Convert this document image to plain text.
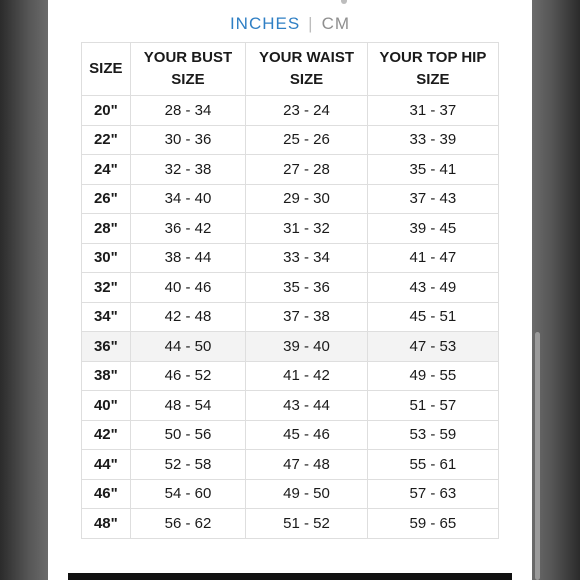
INCHES | CM
SIZE	YOUR BUST SIZE	YOUR WAIST SIZE	YOUR TOP HIP SIZE
20"	28 - 34	23 - 24	31 - 37
22"	30 - 36	25 - 26	33 - 39
24"	32 - 38	27 - 28	35 - 41
26"	34 - 40	29 - 30	37 - 43
28"	36 - 42	31 - 32	39 - 45
30"	38 - 44	33 - 34	41 - 47
32"	40 - 46	35 - 36	43 - 49
34"	42 - 48	37 - 38	45 - 51
36"	44 - 50	39 - 40	47 - 53
38"	46 - 52	41 - 42	49 - 55
40"	48 - 54	43 - 44	51 - 57
42"	50 - 56	45 - 46	53 - 59
44"	52 - 58	47 - 48	55 - 61
46"	54 - 60	49 - 50	57 - 63
48"	56 - 62	51 - 52	59 - 65
